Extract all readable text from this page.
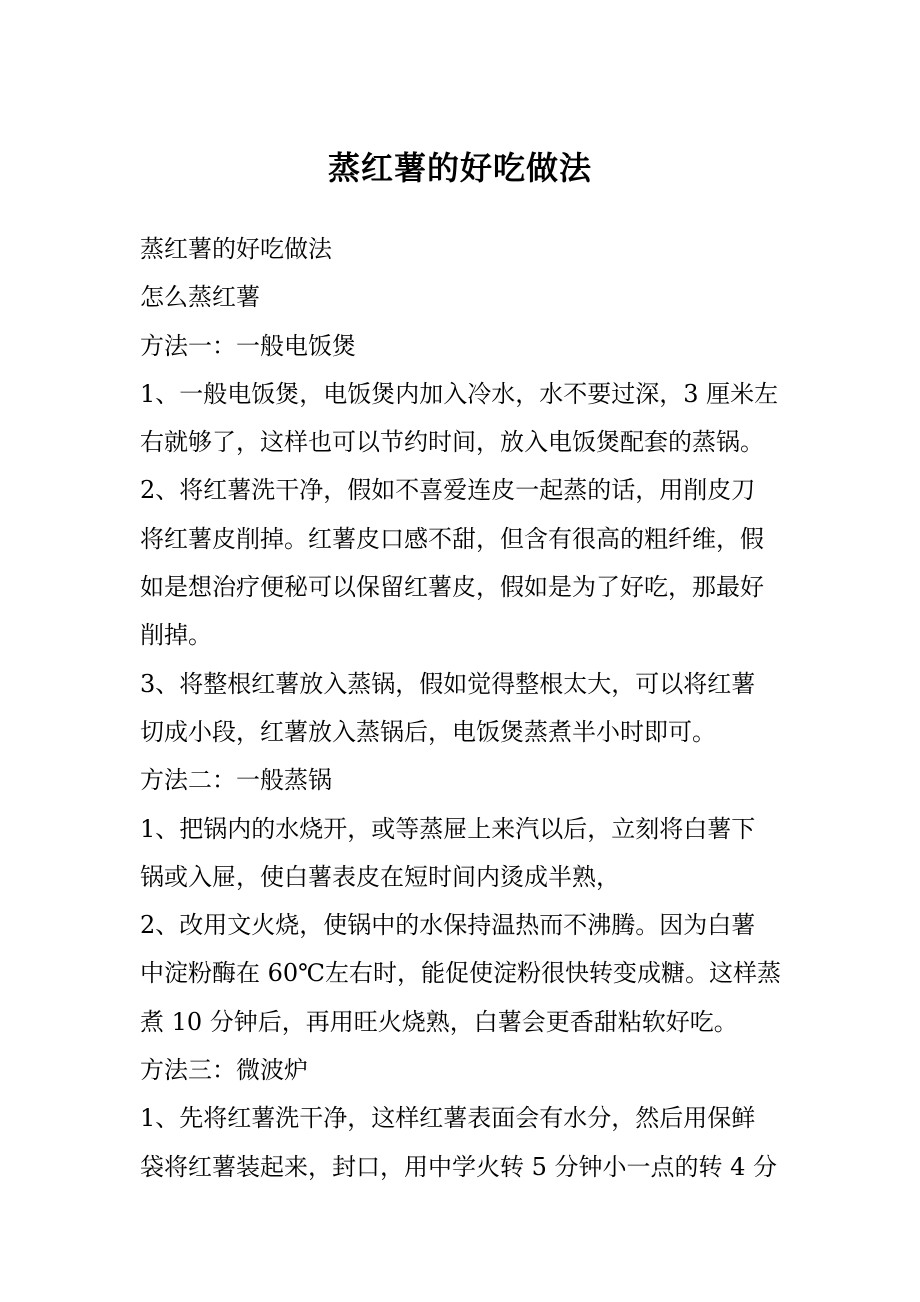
蒸红薯的好吃做法
蒸红薯的好吃做法
怎么蒸红薯
方法一：一般电饭煲
1、一般电饭煲，电饭煲内加入冷水，水不要过深，3 厘米左
右就够了，这样也可以节约时间，放入电饭煲配套的蒸锅。
2、将红薯洗干净，假如不喜爱连皮一起蒸的话，用削皮刀
将红薯皮削掉。红薯皮口感不甜，但含有很高的粗纤维，假
如是想治疗便秘可以保留红薯皮，假如是为了好吃，那最好
削掉。
3、将整根红薯放入蒸锅，假如觉得整根太大，可以将红薯
切成小段，红薯放入蒸锅后，电饭煲蒸煮半小时即可。
方法二：一般蒸锅
1、把锅内的水烧开，或等蒸屉上来汽以后，立刻将白薯下
锅或入屉，使白薯表皮在短时间内烫成半熟，
2、改用文火烧，使锅中的水保持温热而不沸腾。因为白薯
中淀粉酶在 60℃左右时，能促使淀粉很快转变成糖。这样蒸
煮 10 分钟后，再用旺火烧熟，白薯会更香甜粘软好吃。
方法三：微波炉
1、先将红薯洗干净，这样红薯表面会有水分，然后用保鲜
袋将红薯装起来，封口，用中学火转 5 分钟小一点的转 4 分
